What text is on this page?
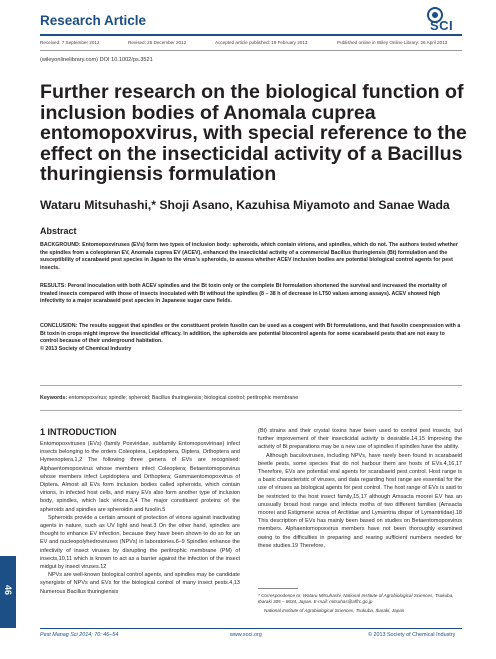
Research Article	SCI
Received: 7 September 2012	Revised: 25 December 2012	Accepted article published: 19 February 2013	Published online in Wiley Online Library: 26 April 2013
(wileyonlinelibrary.com) DOI 10.1002/ps.3521
Further research on the biological function of
inclusion bodies of Anomala cuprea
entomopoxvirus, with special reference to the
effect on the insecticidal activity of a Bacillus
thuringiensis formulation
Wataru Mitsuhashi,* Shoji Asano, Kazuhisa Miyamoto and Sanae Wada
Abstract
BACKGROUND: Entomopoxviruses (EVs) form two types of inclusion body: spheroids, which contain virions, and spindles, which do not. The authors tested whether the spindles from a coleopteran EV, Anomala cuprea EV (ACEV), enhanced the insecticidal activity of a commercial Bacillus thuringiensis (Bt) formulation and the susceptibility of scarabaeid pest species in Japan to the virus's spheroids, to assess whether ACEV inclusion bodies are potential biological control agents for pest insects.
RESULTS: Peroral inoculation with both ACEV spindles and the Bt toxin only or the complete Bt formulation shortened the survival and increased the mortality of treated insects compared with those of insects inoculated with Bt without the spindles (8 – 38 h of decrease in LT50 values among assays). ACEV showed high infectivity to a major scarabaeid pest species in Japanese sugar cane fields.
CONCLUSION: The results suggest that spindles or the constituent protein fusolin can be used as a coagent with Bt formulations, and that fusolin coexpression with a Bt toxin in crops might improve the insecticidal efficacy. In addition, the spheroids are potential biocontrol agents for some scarabaeid pests that are not easy to control because of their underground habitation.
© 2013 Society of Chemical Industry
Keywords: entomopoxvirus; spindle; spheroid; Bacillus thuringiensis; biological control; peritrophic membrane
1 INTRODUCTION

Entomopoxviruses (EVs) (family Poxviridae, subfamily Entomopoxvirinae) infect insects belonging to the orders Coleoptera, Lepidoptera, Diptera, Orthoptera and Hymenoptera.1,2 The following three genera of EVs are recognised: Alphaentomopoxvirus whose members infect Coleoptera; Betaentomopoxvirus whose members infect Lepidoptera and Orthoptera; Gammaentomopoxvirus of Diptera. Almost all EVs form inclusion bodies called spheroids, which contain virions, in infected host cells, and many EVs also form another type of inclusion body, spindles, which lack virions.3,4 The major constituent proteins of the spheroids and spindles are spheroidin and fusolin.5

Spheroids provide a certain amount of protection of virions against inactivating agents in nature, such as UV light and heat.3 On the other hand, spindles are thought to enhance EV infection, because they have been shown to do so for an EV and nucleopolyhedroviruses (NPVs) in laboratories.6–9 Spindles enhance the infectivity of insect viruses by disrupting the peritrophic membrane (PM) of insects,10,11 which is known to act as a barrier against the infection of the insect midgut by insect viruses.12

NPVs are well-known biological control agents, and spindles may be candidate synergists of NPVs and EVs for the biological control of many insect pests.4,13 Numerous Bacillus thuringiensis

(Bt) strains and their crystal toxins have been used to control pest insects, but further improvement of their insecticidal activity is desirable.14,15 Improving the activity of Bt preparations may be a new use of spindles if spindles have the ability.

Although baculoviruses, including NPVs, have rarely been found in scarabaeid beetle pests, some species that do not harbour them are hosts of EVs.4,16,17 Therefore, EVs are potential viral agents for scarabaeid pest control. Host range is a basic characteristic of viruses, and data regarding host range are essential for the use of viruses as biological agents for pest control. The host range of EVs is said to be restricted to the host insect family,15,17 although Amsacta moorei EV has an unusually broad host range and infects moths of two different families (Amsacta moorei and Estigmene acrea of Arctiidae and Lymantria dispar of Lymantriidae).18 This description of EVs has mainly been based on studies on Betaentomopoxvirus members. Alphaentomopoxvirus members have not been thoroughly examined owing to the difficulties in preparing and rearing sufficient numbers needed for these studies.19 Therefore,

* Correspondence to: Wataru Mitsuhashi, National Institute of Agrobiological Sciences, Tsukuba, Ibaraki 305 – 8634, Japan. E-mail: mitsuhas@affrc.go.jp
National Institute of Agrobiological Sciences, Tsukuba, Ibaraki, Japan
46
Pest Manag Sci 2014; 70: 46–54	www.soci.org	© 2013 Society of Chemical Industry
